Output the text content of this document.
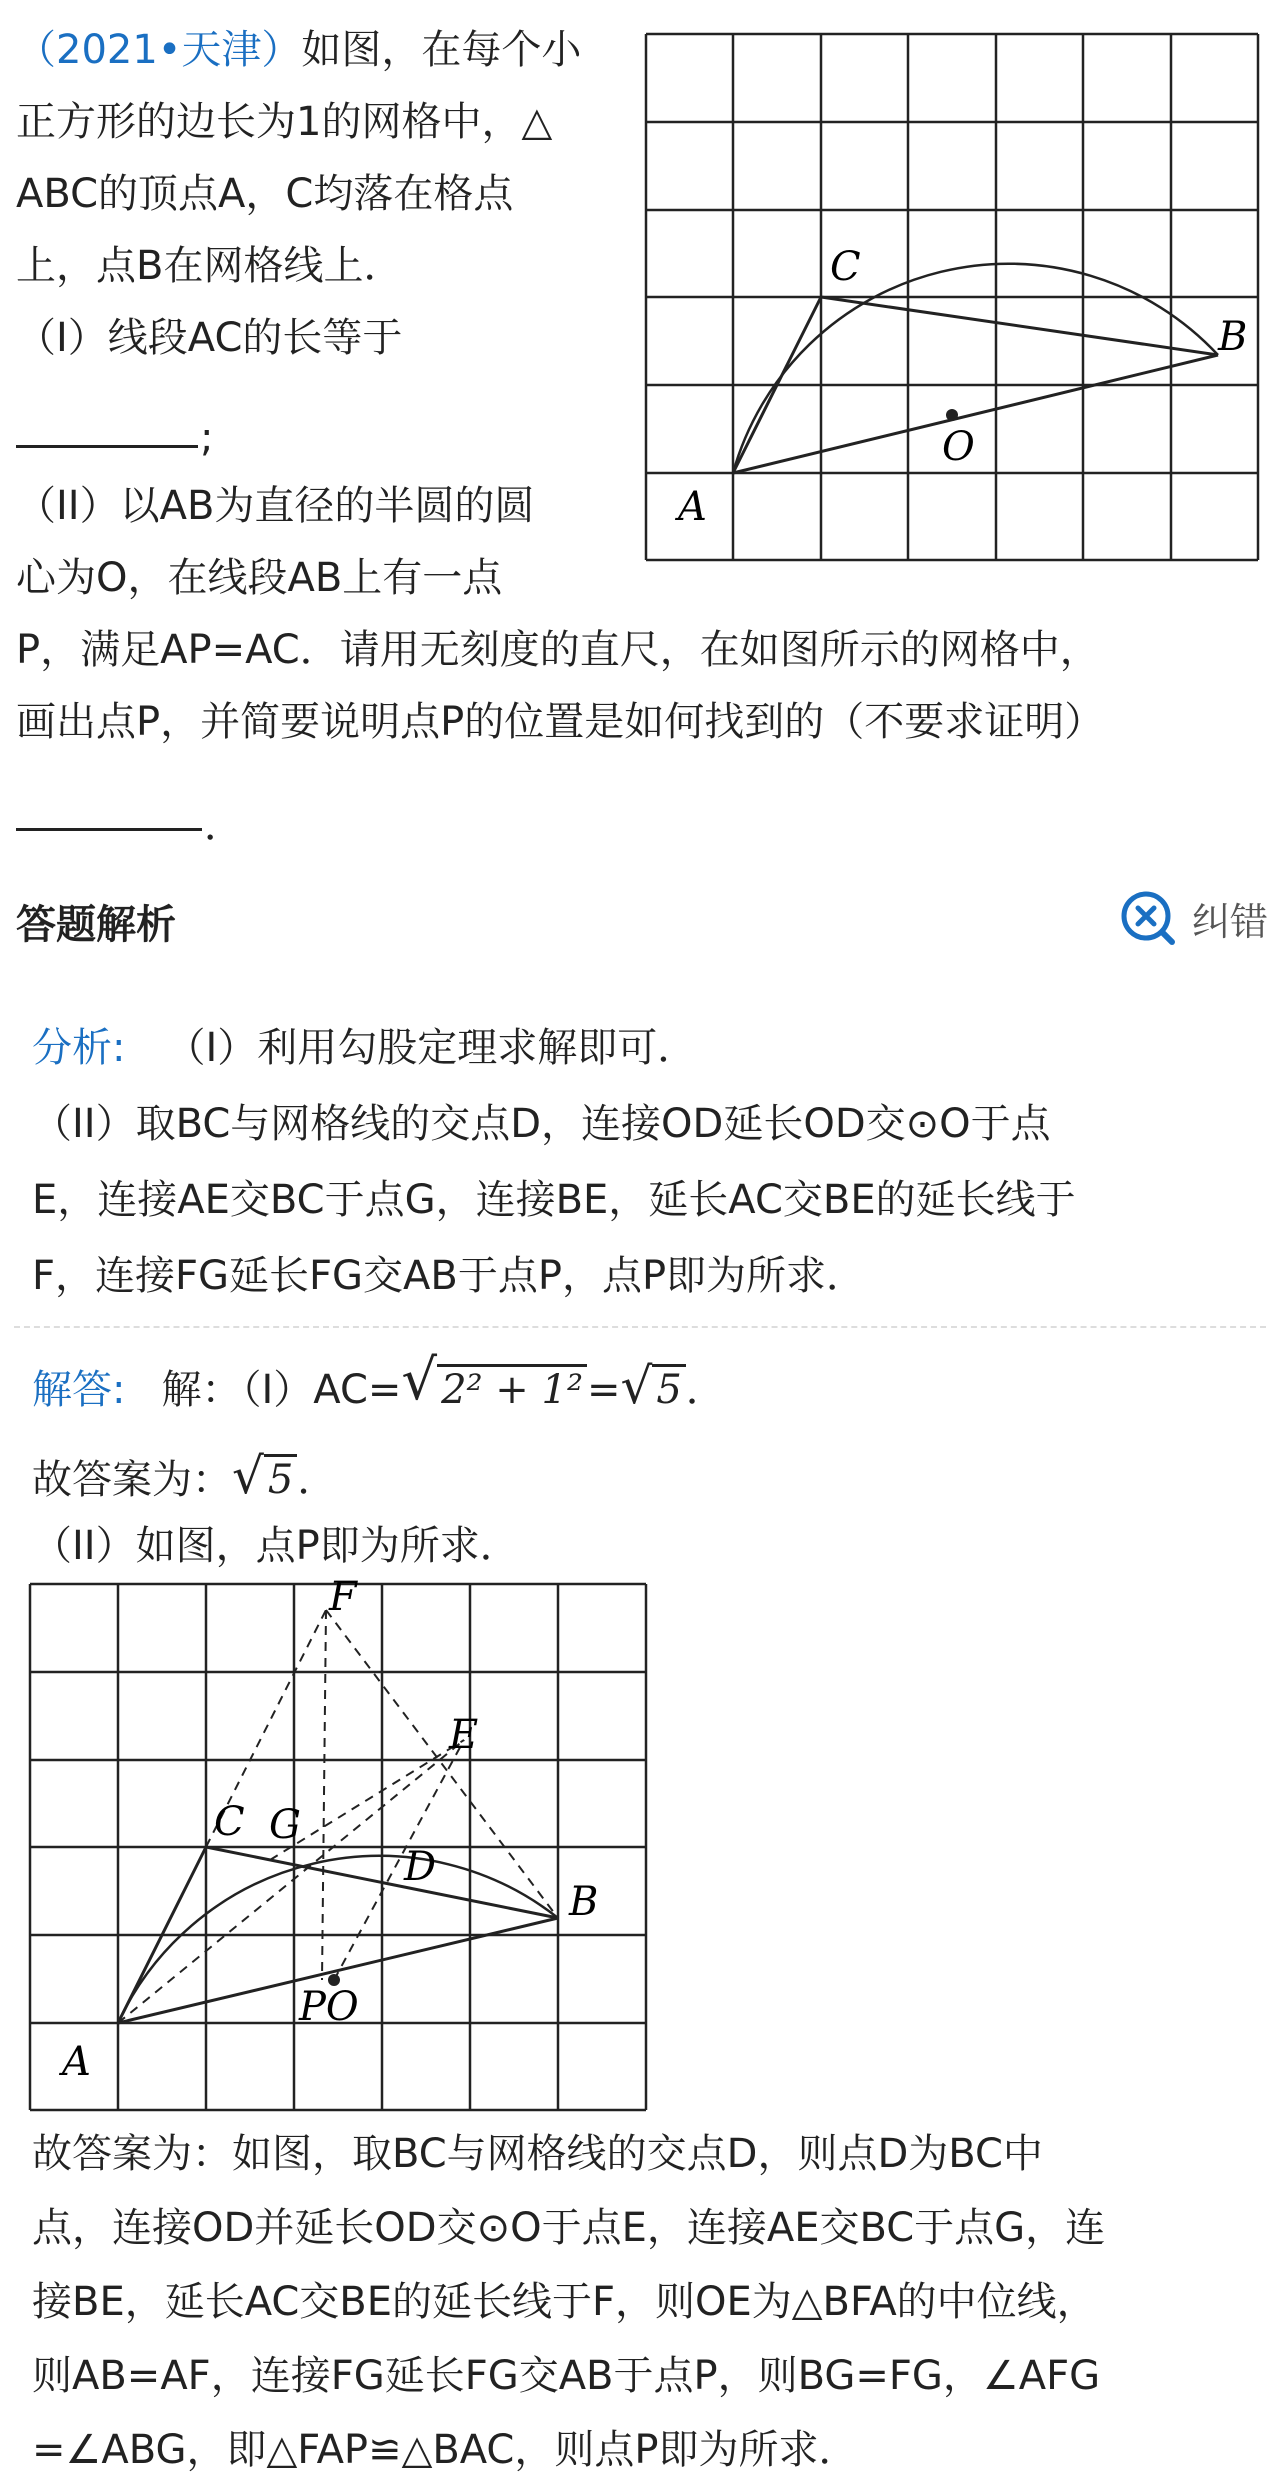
（2021•天津）如图，在每个小
正方形的边长为1的网格中，△
ABC的顶点A，C均落在格点
上，点B在网格线上．
（I）线段AC的长等于
;
（II）以AB为直径的半圆的圆
心为O，在线段AB上有一点
P，满足AP=AC．请用无刻度的直尺，在如图所示的网格中，
画出点P，并简要说明点P的位置是如何找到的（不要求证明）
．
A
B
C
O
答题解析	纠错
分析: （I）利用勾股定理求解即可．
（II）取BC与网格线的交点D，连接OD延长OD交⊙O于点
E，连接AE交BC于点G，连接BE，延长AC交BE的延长线于
F，连接FG延长FG交AB于点P，点P即为所求．
解答: 解：（I）AC=√ 2² + 1² =√ 5 ．
故答案为：√ 5 ．
（II）如图，点P即为所求．
A
B
C
D
E
F
G
PO
故答案为：如图，取BC与网格线的交点D，则点D为BC中
点，连接OD并延长OD交⊙O于点E，连接AE交BC于点G，连
接BE，延长AC交BE的延长线于F，则OE为△BFA的中位线，
则AB=AF，连接FG延长FG交AB于点P，则BG=FG，∠AFG
=∠ABG，即△FAP≌△BAC，则点P即为所求．
